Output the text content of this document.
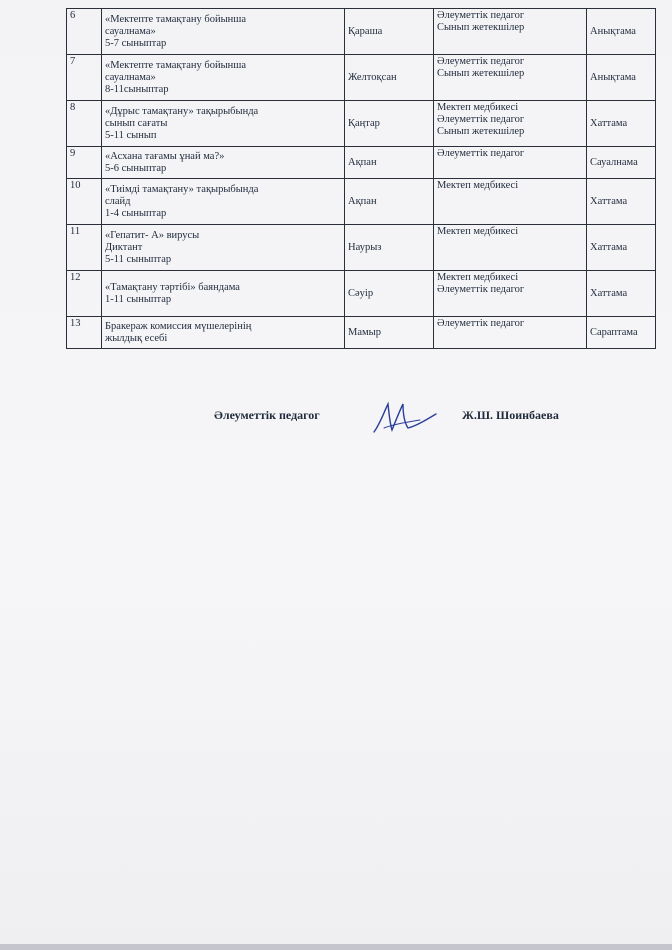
6	«Мектепте тамақтану бойынша
сауалнама»
5-7 сыныптар	Қараша	Әлеуметтік педагог
Сынып жетекшілер	Анықтама
7	«Мектепте тамақтану бойынша
сауалнама»
8-11сыныптар	Желтоқсан	Әлеуметтік педагог
Сынып жетекшілер	Анықтама
8	«Дұрыс тамақтану» тақырыбында
сынып сағаты
5-11 сынып	Қаңтар	Мектеп медбикесі
Әлеуметтік педагог
Сынып жетекшілер	Хаттама
9	«Асхана тағамы ұнай ма?»
5-6 сыныптар	Ақпан	Әлеуметтік педагог	Сауалнама
10	«Тиімді тамақтану» тақырыбында
слайд
1-4 сыныптар	Ақпан	Мектеп медбикесі	Хаттама
11	«Гепатит- А» вирусы
Диктант
5-11 сыныптар	Наурыз	Мектеп медбикесі	Хаттама
12	«Тамақтану тәртібі» баяндама
1-11 сыныптар	Сәуір	Мектеп медбикесі
Әлеуметтік педагог	Хаттама
13	Бракераж комиссия мүшелерінің
жылдық есебі	Мамыр	Әлеуметтік педагог	Сараптама
Әлеуметтік педагог	Ж.Ш. Шоинбаева
